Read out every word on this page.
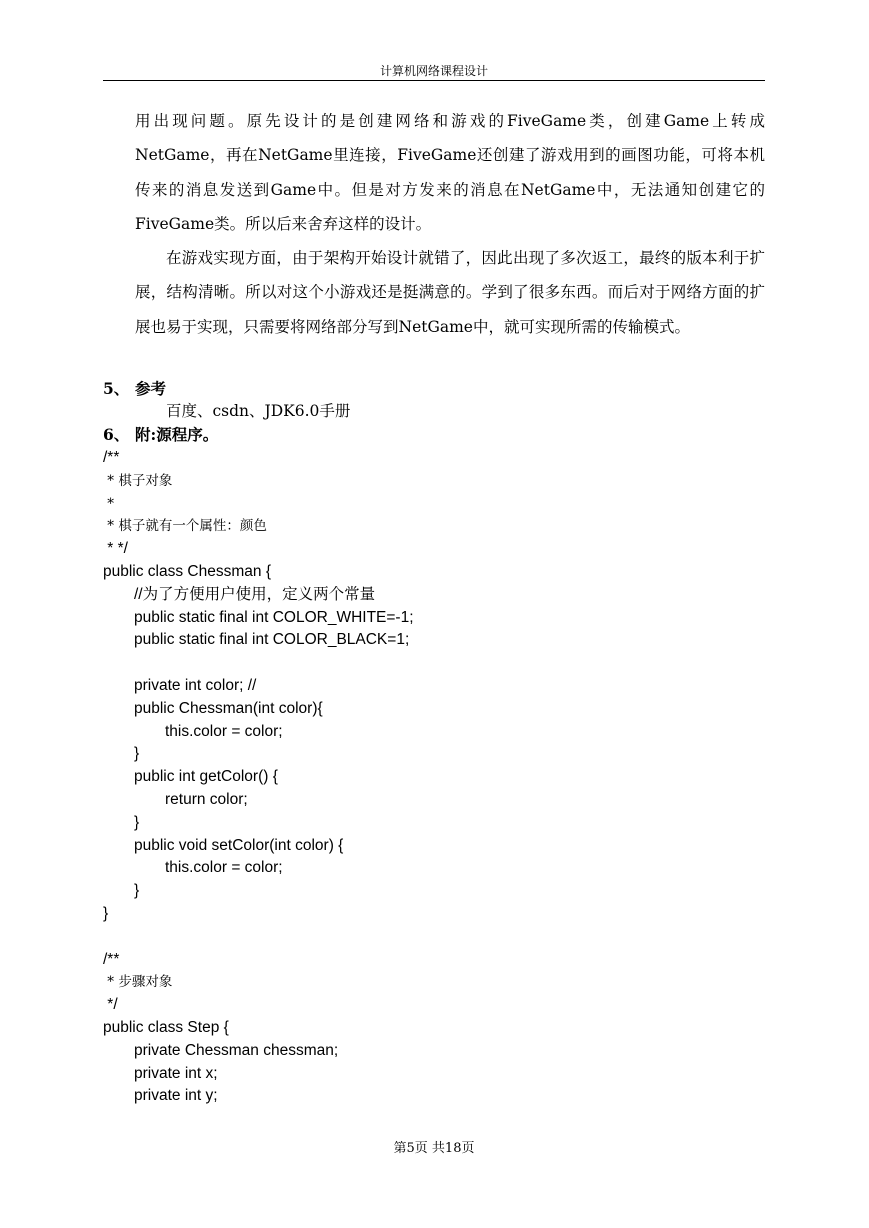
计算机网络课程设计

用出现问题。原先设计的是创建网络和游戏的FiveGame类，创建Game上转成NetGame，再在NetGame里连接，FiveGame还创建了游戏用到的画图功能，可将本机传来的消息发送到Game中。但是对方发来的消息在NetGame中，无法通知创建它的FiveGame类。所以后来舍弃这样的设计。

在游戏实现方面，由于架构开始设计就错了，因此出现了多次返工，最终的版本利于扩展，结构清晰。所以对这个小游戏还是挺满意的。学到了很多东西。而后对于网络方面的扩展也易于实现，只需要将网络部分写到NetGame中，就可实现所需的传输模式。

5、 参考
百度、csdn、JDK6.0手册
6、 附:源程序。
/**
* 棋子对象
*
* 棋子就有一个属性：颜色
* */
public class Chessman {
//为了方便用户使用，定义两个常量
public static final int COLOR_WHITE=-1;
public static final int COLOR_BLACK=1;
private int color; //
public Chessman(int color){
this.color = color;
}
public int getColor() {
return color;
}
public void setColor(int color) {
this.color = color;
}
}
/**
* 步骤对象
*/
public class Step {
private Chessman chessman;
private int x;
private int y;
第5页 共18页
